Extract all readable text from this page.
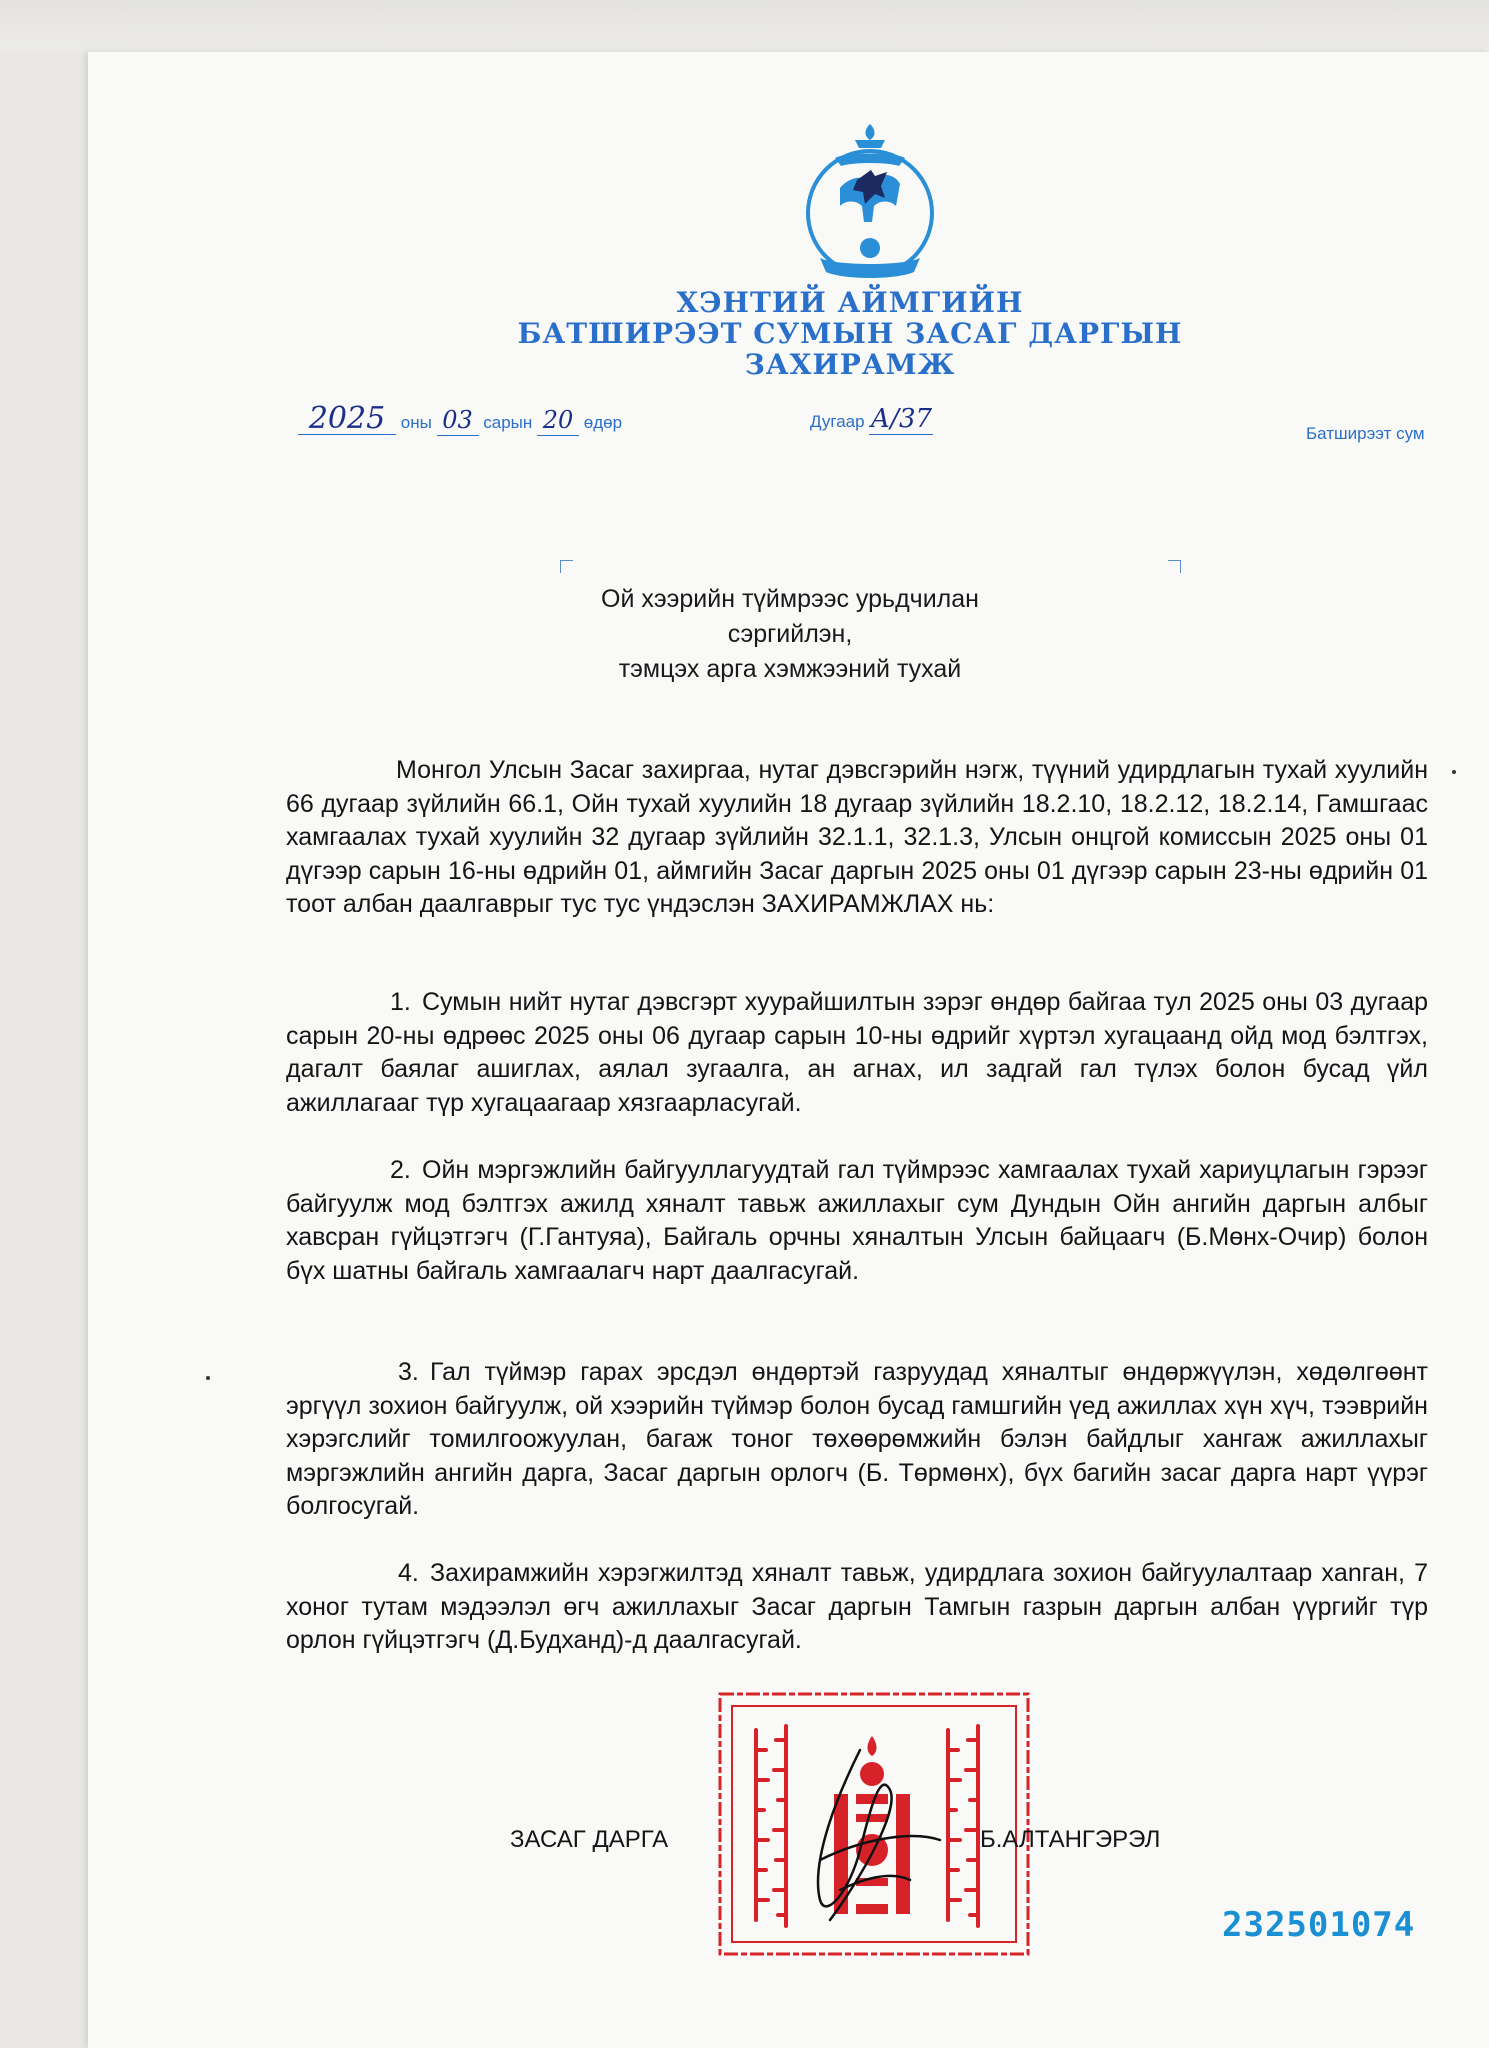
ХЭНТИЙ АЙМГИЙН
БАТШИРЭЭТ СУМЫН ЗАСАГ ДАРГЫН
ЗАХИРАМЖ
2025 оны 03 сарын 20 өдөр	Дугаар А/37	Батширээт сум
Ой хээрийн түймрээс урьдчилан сэргийлэн,
тэмцэх арга хэмжээний тухай
Монгол Улсын Засаг захиргаа, нутаг дэвсгэрийн нэгж, түүний удирдлагын тухай хуулийн 66 дугаар зүйлийн 66.1, Ойн тухай хуулийн 18 дугаар зүйлийн 18.2.10, 18.2.12, 18.2.14, Гамшгаас хамгаалах тухай хуулийн 32 дугаар зүйлийн 32.1.1, 32.1.3, Улсын онцгой комиссын 2025 оны 01 дүгээр сарын 16-ны өдрийн 01, аймгийн Засаг даргын 2025 оны 01 дүгээр сарын 23-ны өдрийн 01 тоот албан даалгаврыг тус тус үндэслэн ЗАХИРАМЖЛАХ нь:
1. Сумын нийт нутаг дэвсгэрт хуурайшилтын зэрэг өндөр байгаа тул 2025 оны 03 дугаар сарын 20-ны өдрөөс 2025 оны 06 дугаар сарын 10-ны өдрийг хүртэл хугацаанд ойд мод бэлтгэх, дагалт баялаг ашиглах, аялал зугаалга, ан агнах, ил задгай гал түлэх болон бусад үйл ажиллагааг түр хугацаагаар хязгаарласугай.
2. Ойн мэргэжлийн байгууллагуудтай гал түймрээс хамгаалах тухай хариуцлагын гэрээг байгуулж мод бэлтгэх ажилд хяналт тавьж ажиллахыг сум Дундын Ойн ангийн даргын албыг хавсран гүйцэтгэгч (Г.Гантуяа), Байгаль орчны хяналтын Улсын байцаагч (Б.Мөнх-Очир) болон бүх шатны байгаль хамгаалагч нарт даалгасугай.
3. Гал түймэр гарах эрсдэл өндөртэй газруудад хяналтыг өндөржүүлэн, хөдөлгөөнт эргүүл зохион байгуулж, ой хээрийн түймэр болон бусад гамшгийн үед ажиллах хүн хүч, тээврийн хэрэгслийг томилгоожуулан, багаж тоног төхөөрөмжийн бэлэн байдлыг хангаж ажиллахыг мэргэжлийн ангийн дарга, Засаг даргын орлогч (Б. Төрмөнх), бүх багийн засаг дарга нарт үүрэг болгосугай.
4. Захирамжийн хэрэгжилтэд хяналт тавьж, удирдлага зохион байгуулалтаар хanган, 7 хоног тутам мэдээлэл өгч ажиллахыг Засаг даргын Тамгын газрын даргын албан үүргийг түр орлон гүйцэтгэгч (Д.Будханд)-д даалгасугай.
ЗАСАГ ДАРГА	Б.АЛТАНГЭРЭЛ
232501074
